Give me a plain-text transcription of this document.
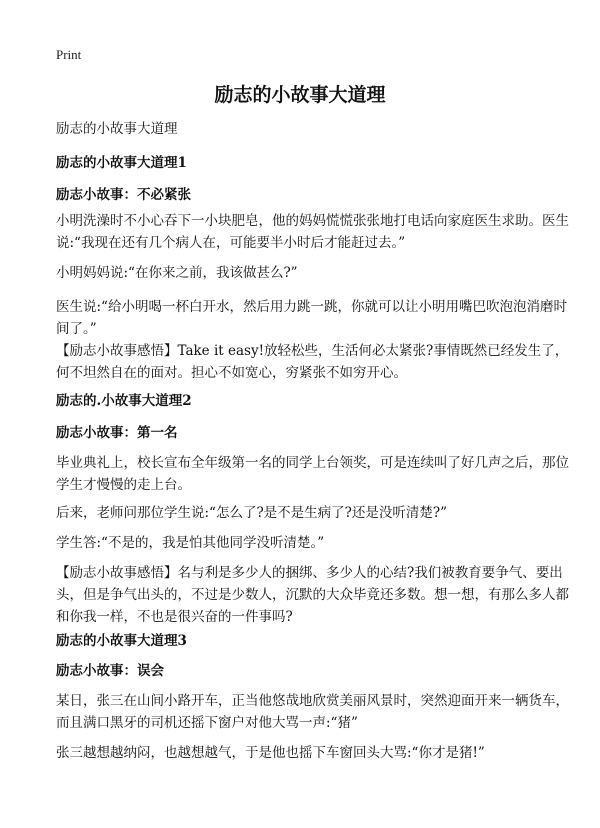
Print
励志的小故事大道理
励志的小故事大道理
励志的小故事大道理1
励志小故事：不必紧张
小明洗澡时不小心吞下一小块肥皂，他的妈妈慌慌张张地打电话向家庭医生求助。医生说:“我现在还有几个病人在，可能要半小时后才能赶过去。”
小明妈妈说:“在你来之前，我该做甚么?”
医生说:“给小明喝一杯白开水，然后用力跳一跳，你就可以让小明用嘴巴吹泡泡消磨时间了。”
【励志小故事感悟】Take it easy!放轻松些，生活何必太紧张?事情既然已经发生了，何不坦然自在的面对。担心不如宽心，穷紧张不如穷开心。
励志的.小故事大道理2
励志小故事：第一名
毕业典礼上，校长宣布全年级第一名的同学上台领奖，可是连续叫了好几声之后，那位学生才慢慢的走上台。
后来，老师问那位学生说:“怎么了?是不是生病了?还是没听清楚?”
学生答:“不是的，我是怕其他同学没听清楚。”
【励志小故事感悟】名与利是多少人的捆绑、多少人的心结?我们被教育要争气、要出头，但是争气出头的，不过是少数人，沉默的大众毕竟还多数。想一想，有那么多人都和你我一样，不也是很兴奋的一件事吗?
励志的小故事大道理3
励志小故事：误会
某日，张三在山间小路开车，正当他悠哉地欣赏美丽风景时，突然迎面开来一辆货车，而且满口黑牙的司机还摇下窗户对他大骂一声:“猪”
张三越想越纳闷，也越想越气，于是他也摇下车窗回头大骂:“你才是猪!”
